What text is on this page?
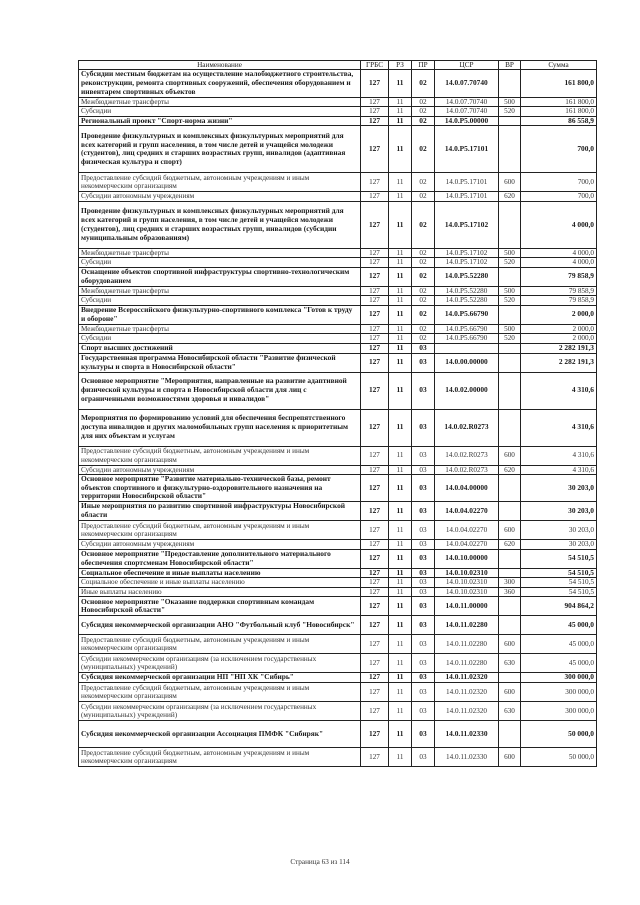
Наименование	ГРБС	РЗ	ПР	ЦСР	ВР	Сумма
Субсидии местным бюджетам на осуществление малобюджетного строительства, реконструкции, ремонта спортивных сооружений, обеспечения оборудованием и инвентарем спортивных объектов	127	11	02	14.0.07.70740		161 800,0
Межбюджетные трансферты	127	11	02	14.0.07.70740	500	161 800,0
Субсидии	127	11	02	14.0.07.70740	520	161 800,0
Региональный проект "Спорт-норма жизни"	127	11	02	14.0.P5.00000		86 558,9
Проведение физкультурных и комплексных физкультурных мероприятий для всех категорий и групп населения, в том числе детей и учащейся молодежи (студентов), лиц средних и старших возрастных групп, инвалидов (адаптивная физическая культура и спорт)	127	11	02	14.0.P5.17101		700,0
Предоставление субсидий бюджетным, автономным учреждениям и иным некоммерческим организациям	127	11	02	14.0.P5.17101	600	700,0
Субсидии автономным учреждениям	127	11	02	14.0.P5.17101	620	700,0
Проведение физкультурных и комплексных физкультурных мероприятий для всех категорий и групп населения, в том числе детей и учащейся молодежи (студентов), лиц средних и старших возрастных групп, инвалидов (субсидии муниципальным образованиям)	127	11	02	14.0.P5.17102		4 000,0
Межбюджетные трансферты	127	11	02	14.0.P5.17102	500	4 000,0
Субсидии	127	11	02	14.0.P5.17102	520	4 000,0
Оснащение объектов спортивной инфраструктуры спортивно-технологическим оборудованием	127	11	02	14.0.P5.52280		79 858,9
Межбюджетные трансферты	127	11	02	14.0.P5.52280	500	79 858,9
Субсидии	127	11	02	14.0.P5.52280	520	79 858,9
Внедрение Всероссийского физкультурно-спортивного комплекса "Готов к труду и обороне"	127	11	02	14.0.P5.66790		2 000,0
Межбюджетные трансферты	127	11	02	14.0.P5.66790	500	2 000,0
Субсидии	127	11	02	14.0.P5.66790	520	2 000,0
Спорт высших достижений	127	11	03			2 282 191,3
Государственная программа Новосибирской области "Развитие физической культуры и спорта в Новосибирской области"	127	11	03	14.0.00.00000		2 282 191,3
Основное мероприятие "Мероприятия, направленные на развитие адаптивной физической культуры и спорта в Новосибирской области для лиц с ограниченными возможностями здоровья и инвалидов"	127	11	03	14.0.02.00000		4 310,6
Мероприятия по формированию условий для обеспечения беспрепятственного доступа инвалидов и других маломобильных групп населения к приоритетным для них объектам и услугам	127	11	03	14.0.02.R0273		4 310,6
Предоставление субсидий бюджетным, автономным учреждениям и иным некоммерческим организациям	127	11	03	14.0.02.R0273	600	4 310,6
Субсидии автономным учреждениям	127	11	03	14.0.02.R0273	620	4 310,6
Основное мероприятие "Развитие материально-технической базы, ремонт объектов спортивного и физкультурно-оздоровительного назначения на территории Новосибирской области"	127	11	03	14.0.04.00000		30 203,0
Иные мероприятия по развитию спортивной инфраструктуры Новосибирской области	127	11	03	14.0.04.02270		30 203,0
Предоставление субсидий бюджетным, автономным учреждениям и иным некоммерческим организациям	127	11	03	14.0.04.02270	600	30 203,0
Субсидии автономным учреждениям	127	11	03	14.0.04.02270	620	30 203,0
Основное мероприятие "Предоставление дополнительного материального обеспечения спортсменам Новосибирской области"	127	11	03	14.0.10.00000		54 510,5
Социальное обеспечение и иные выплаты населению	127	11	03	14.0.10.02310		54 510,5
Социальное обеспечение и иные выплаты населению	127	11	03	14.0.10.02310	300	54 510,5
Иные выплаты населению	127	11	03	14.0.10.02310	360	54 510,5
Основное мероприятие "Оказание поддержки спортивным командам Новосибирской области"	127	11	03	14.0.11.00000		904 864,2
Субсидия некоммерческой организации АНО "Футбольный клуб "Новосибирск"	127	11	03	14.0.11.02280		45 000,0
Предоставление субсидий бюджетным, автономным учреждениям и иным некоммерческим организациям	127	11	03	14.0.11.02280	600	45 000,0
Субсидии некоммерческим организациям (за исключением государственных (муниципальных) учреждений)	127	11	03	14.0.11.02280	630	45 000,0
Субсидия некоммерческой организации НП "НП ХК "Сибирь"	127	11	03	14.0.11.02320		300 000,0
Предоставление субсидий бюджетным, автономным учреждениям и иным некоммерческим организациям	127	11	03	14.0.11.02320	600	300 000,0
Субсидии некоммерческим организациям (за исключением государственных (муниципальных) учреждений)	127	11	03	14.0.11.02320	630	300 000,0
Субсидия некоммерческой организации Ассоциация ПМФК "Сибиряк"	127	11	03	14.0.11.02330		50 000,0
Предоставление субсидий бюджетным, автономным учреждениям и иным некоммерческим организациям	127	11	03	14.0.11.02330	600	50 000,0
Страница 63 из 114
